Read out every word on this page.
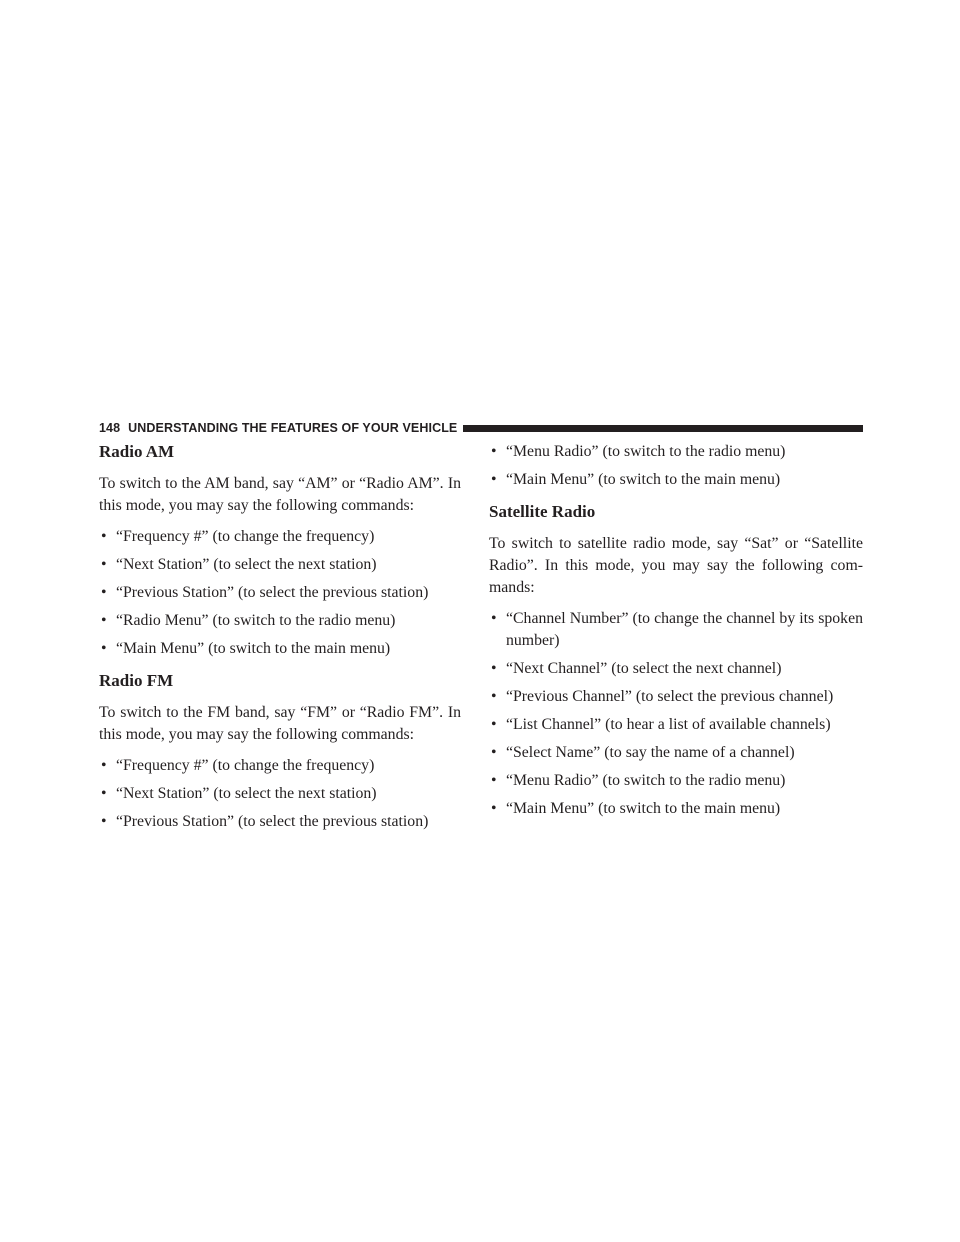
148 UNDERSTANDING THE FEATURES OF YOUR VEHICLE
Radio AM

To switch to the AM band, say “AM” or “Radio AM”. In this mode, you may say the following commands:

• “Frequency #” (to change the frequency)
• “Next Station” (to select the next station)
• “Previous Station” (to select the previous station)
• “Radio Menu” (to switch to the radio menu)
• “Main Menu” (to switch to the main menu)
Radio FM

To switch to the FM band, say “FM” or “Radio FM”. In this mode, you may say the following commands:

• “Frequency #” (to change the frequency)
• “Next Station” (to select the next station)
• “Previous Station” (to select the previous station)
• “Menu Radio” (to switch to the radio menu)
• “Main Menu” (to switch to the main menu)
Satellite Radio

To switch to satellite radio mode, say “Sat” or “Satellite Radio”. In this mode, you may say the following com-mands:

• “Channel Number” (to change the channel by its spoken number)
• “Next Channel” (to select the next channel)
• “Previous Channel” (to select the previous channel)
• “List Channel” (to hear a list of available channels)
• “Select Name” (to say the name of a channel)
• “Menu Radio” (to switch to the radio menu)
• “Main Menu” (to switch to the main menu)
